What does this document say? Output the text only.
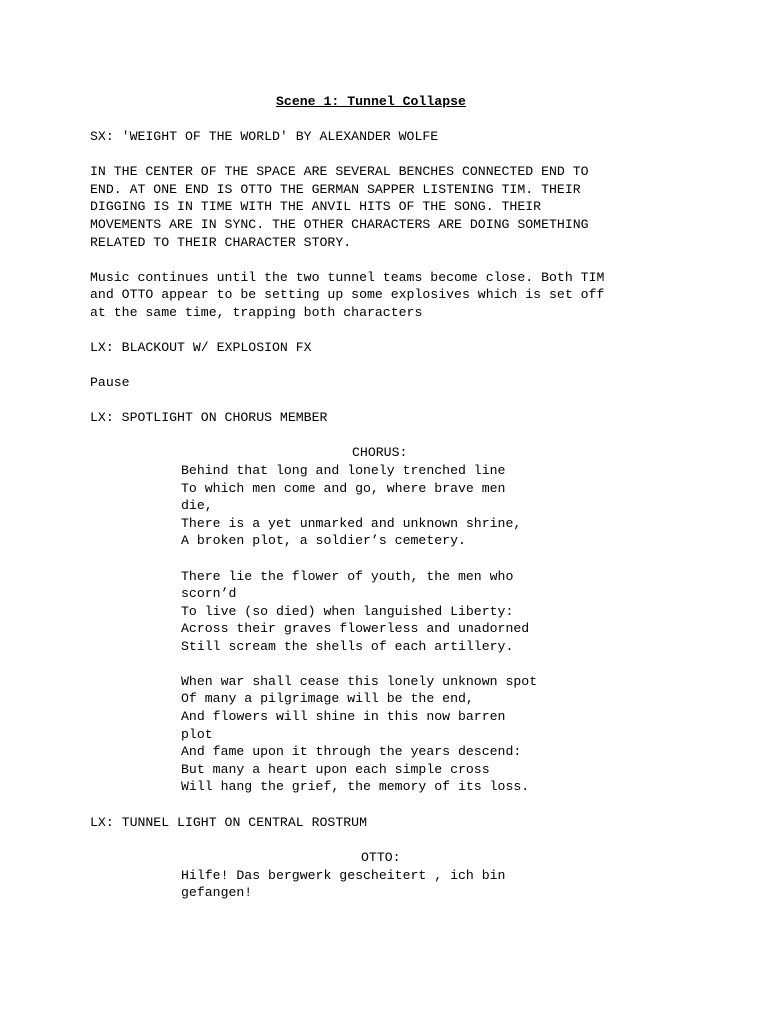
Scene 1: Tunnel Collapse
SX: 'WEIGHT OF THE WORLD' BY ALEXANDER WOLFE
IN THE CENTER OF THE SPACE ARE SEVERAL BENCHES CONNECTED END TO
END. AT ONE END IS OTTO THE GERMAN SAPPER LISTENING TIM. THEIR
DIGGING IS IN TIME WITH THE ANVIL HITS OF THE SONG. THEIR
MOVEMENTS ARE IN SYNC. THE OTHER CHARACTERS ARE DOING SOMETHING
RELATED TO THEIR CHARACTER STORY.
Music continues until the two tunnel teams become close. Both TIM
and OTTO appear to be setting up some explosives which is set off
at the same time, trapping both characters
LX: BLACKOUT W/ EXPLOSION FX
Pause
LX: SPOTLIGHT ON CHORUS MEMBER
CHORUS:
Behind that long and lonely trenched line
To which men come and go, where brave men
die,
There is a yet unmarked and unknown shrine,
A broken plot, a soldier’s cemetery.
There lie the flower of youth, the men who
scorn’d
To live (so died) when languished Liberty:
Across their graves flowerless and unadorned
Still scream the shells of each artillery.
When war shall cease this lonely unknown spot
Of many a pilgrimage will be the end,
And flowers will shine in this now barren
plot
And fame upon it through the years descend:
But many a heart upon each simple cross
Will hang the grief, the memory of its loss.
LX: TUNNEL LIGHT ON CENTRAL ROSTRUM
OTTO:
Hilfe! Das bergwerk gescheitert , ich bin
gefangen!
